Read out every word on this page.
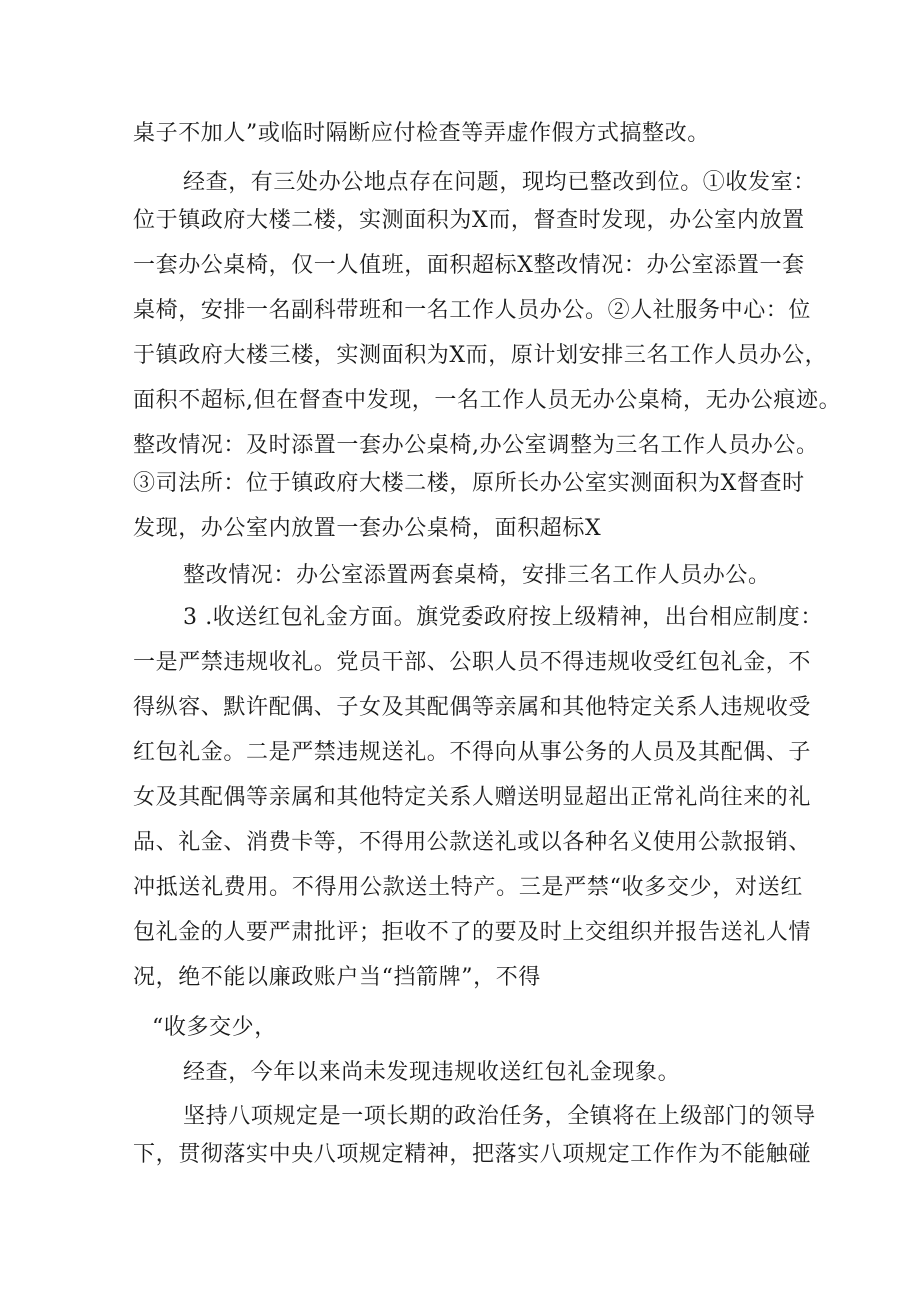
桌子不加人”或临时隔断应付检查等弄虚作假方式搞整改。
经查，有三处办公地点存在问题，现均已整改到位。①收发室：
位于镇政府大楼二楼，实测面积为X而，督查时发现，办公室内放置
一套办公桌椅，仅一人值班，面积超标X整改情况：办公室添置一套
桌椅，安排一名副科带班和一名工作人员办公。②人社服务中心：位
于镇政府大楼三楼，实测面积为X而，原计划安排三名工作人员办公，
面积不超标,但在督查中发现，一名工作人员无办公桌椅，无办公痕迹。
整改情况：及时添置一套办公桌椅,办公室调整为三名工作人员办公。
③司法所：位于镇政府大楼二楼，原所长办公室实测面积为X督查时
发现，办公室内放置一套办公桌椅，面积超标X
整改情况：办公室添置两套桌椅，安排三名工作人员办公。
3 .收送红包礼金方面。旗党委政府按上级精神，出台相应制度：
一是严禁违规收礼。党员干部、公职人员不得违规收受红包礼金，不
得纵容、默许配偶、子女及其配偶等亲属和其他特定关系人违规收受
红包礼金。二是严禁违规送礼。不得向从事公务的人员及其配偶、子
女及其配偶等亲属和其他特定关系人赠送明显超出正常礼尚往来的礼
品、礼金、消费卡等，不得用公款送礼或以各种名义使用公款报销、
冲抵送礼费用。不得用公款送土特产。三是严禁“收多交少，对送红
包礼金的人要严肃批评；拒收不了的要及时上交组织并报告送礼人情
况，绝不能以廉政账户当“挡箭牌”，不得
“收多交少，
经查，今年以来尚未发现违规收送红包礼金现象。
坚持八项规定是一项长期的政治任务，全镇将在上级部门的领导
下，贯彻落实中央八项规定精神，把落实八项规定工作作为不能触碰
